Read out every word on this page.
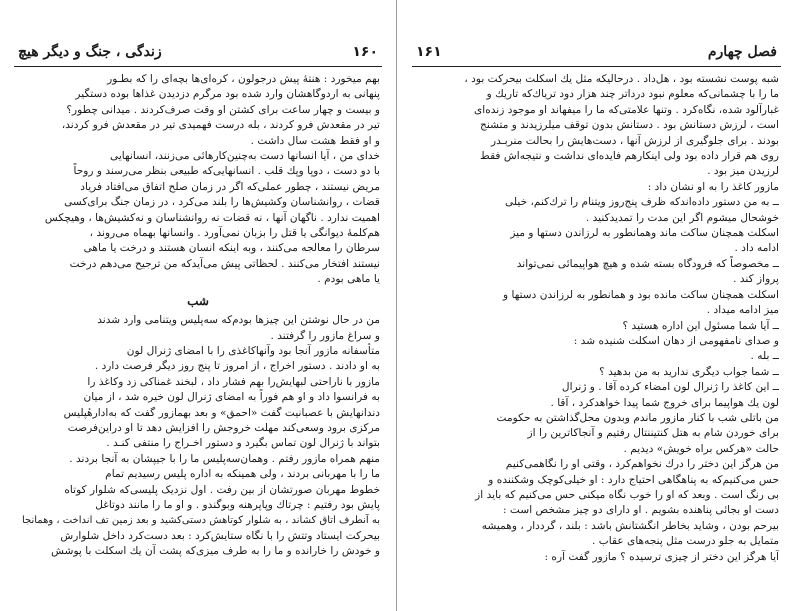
زندگی ، جنگ و دیگر هیچ	۱۶۰

بهم میخورد : هنتهٔ پیش درجولون ، کره‌ای‌ها بچه‌ای را که بطـور

پنهانی به اردوگاهشان وارد شده بود مرگرم دزدیدن غذاها بوده دستگیر

و بیست و چهار ساعت برای کشتن او وقت صرف‌کردند . میدانی چطور؟

تیر در مقعدش فرو کردند ، بله درست فهمیدی تیر در مقعدش فرو کردند،

و او فقط هشت سال داشت .

خدای من ، آیا انسانها دست به‌چنین‌کارهائی می‌زنند، انسانهایی

با دو دست ، دوپا وپك قلب . انسانهایی‌که طبیعی بنظر می‌رسند و روحاً

مریض نیستند ، چطور عملی‌که اگر در زمان صلح اتفاق می‌افتاد فریاد

قضات ، روانشناسان وکشیش‌ها را بلند می‌کرد ، در زمان جنگ برای‌کسی

اهمیت ندارد . ناگهان آنها ، نه قضات نه روانشناسان و نه‌کشیش‌ها ، وهیچکس

هم‌کلمهٔ دیوانگی یا قتل را بزبان نمی‌آورد . وانسانها بهماه می‌روند ،

سرطان را معالجه می‌کنند ، وبه اینکه انسان هستند و درخت یا ماهی

نیستند افتخار می‌کنند . لحظاتی پیش می‌آیدکه من ترجیح می‌دهم درخت

یا ماهی بودم .

شب

من در حال نوشتن این چیزها بودم‌که سه‌پلیس ویتنامی وارد شدند

و سراغ مازور را گرفتند .

متأسفانه مازور آنجا بود وآنهاکاغذی را با امضای ژنرال لون

به او دادند . دستور اخراج ، از امروز تا پنج روز دیگر فرصت دارد .

مازور با ناراحتی لبهایش‌را بهم فشار داد ، لبخند غمناکی زد وکاغذ را

به فرانسوا داد و او هم فوراً به امضای ژنرال لون خیره شد ، از میان

دندانهایش با عصبانیت گفت «احمق» و بعد بهمازور گفت که به‌ادارهٔپلیس

مرکزی برود وسعی‌کند مهلت خروجش را افزایش دهد تا او دراین‌فرصت

بتواند با ژنرال لون تماس بگیرد و دستور اخـراج را منتفی کنـد .

منهم همراه مازور رفتم . وهمان‌سه‌پلیس ما را با جیپشان به آنجا بردند .

ما را با مهربانی بردند ، ولی همینکه به اداره پلیس رسیدیم تمام

خطوط مهربان صورتشان از بین رفت . اول نزدیک پلیسی‌که شلوار کوتاه

پایش بود رفتیم : چرتاك وپاپرهنه وبوگندو . و او ما را مانند دوتاغل

به آنطرف اتاق کشاند ، به شلوار کوتاهش دستی‌کشید و بعد زمین تف انداخت ، وهمانجا

بیحرکت ایستاد وتتش را با نگاه ستایش‌کرد : بعد دست‌کرد داخل شلوارش

و خودش را خارانده و ما را به طرف میزی‌که پشت آن یك اسکلت با پوشش

فصل چهارم
۱۶۱

شبه پوست نشسته بود ، هل‌داد . درحالیکه مثل یك اسکلت بیحرکت بود ،

ما را با چشمانی‌که معلوم نبود درداتر چند هزار دود تریاك‌که تاریك و

غبارآلود شده، نگاه‌کرد . وتنها علامتی‌که ما را میفهاند او موجود زنده‌ای

است ، لرزش دستانش بود . دستانش بدون توقف میلرزیدند و متشنج

بودند . برای جلوگیری از لرزش آنها ، دست‌هایش را بحالت منربـدر

روی هم قرار داده بود ولی اینکارهم فایده‌ای نداشت و نتیجه‌اش فقط

لرزیدن میز بود .

مازور کاغذ را به او نشان داد :

ــ به من دستور داده‌اندکه ظرف پنج‌روز ویتنام را ترك‌کنم، خیلی

خوشحال میشوم اگر این مدت را تمدید‌کنید .

اسکلت همچنان ساکت ماند وهمانطور به لرزاندن دستها و میز

ادامه داد .

ــ مخصوصاً که فرودگاه بسته شده و هیچ هواپیمائی نمی‌تواند

پرواز کند .

اسکلت همچنان ساکت مانده بود و همانطور به لرزاندن دستها و

میز ادامه میداد .

ــ آیا شما مسئول این اداره هستید ؟

و صدای نامفهومی از دهان اسکلت شنیده شد :

ــ بله .

ــ شما جواب دیگری ندارید به من بدهید ؟

ــ این کاغذ را ژنرال لون امضاء کرده آقا . و ژنرال

لون یك هواپیما برای خروج شما پیدا خواهدکرد ، آقا .

من با‌تلی شب با کنار مازور ماندم وبدون محل‌گذاشتن به حکومت

برای خوردن شام به هتل کنتیننتال رفتیم و آنجاکاترین را از

حالت «هرکس براه خویش» دیدیم .

من هرگز این دختر را درك نخواهم‌کرد ، وقتی او را نگاهمی‌کنیم

حس می‌کنیم‌که به پناهگاهی احتیاج دارد : او خیلی‌کوچک وشکننده و

بی رنگ است . وبعد که او را خوب نگاه میکنی حس می‌کنیم که باید از

دست او بجائی پناهنده بشویم . او دارای دو چیز مشخص است :

بیرحم بودن ، وشاید بخاطر انگشتانش باشد : بلند ، گرد‌دار ، وهمیشه

متمایل به جلو درست مثل پنجه‌های عقاب .

آیا هرگز این دختر از چیزی ترسیده ؟ مازور گفت آره :
